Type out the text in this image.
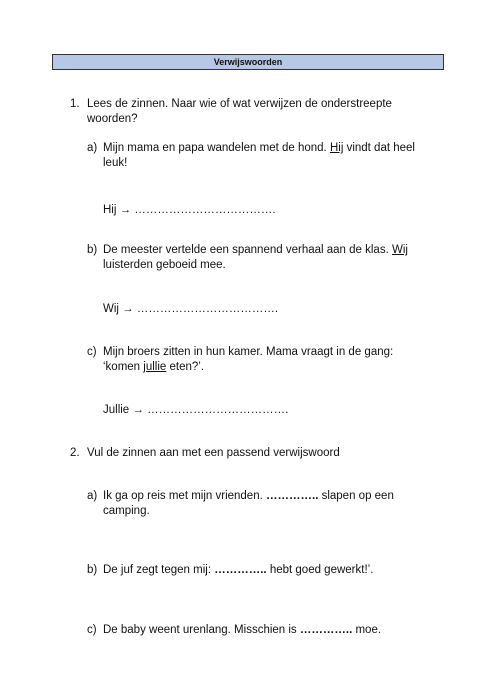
Verwijswoorden
1. Lees de zinnen. Naar wie of wat verwijzen de onderstreepte
woorden?
a) Mijn mama en papa wandelen met de hond. Hij vindt dat heel
leuk!
Hij → ……………………………….
b) De meester vertelde een spannend verhaal aan de klas. Wij
luisterden geboeid mee.
Wij → ……………………………….
c) Mijn broers zitten in hun kamer. Mama vraagt in de gang:
‘komen jullie eten?’.
Jullie → ……………………………….
2. Vul de zinnen aan met een passend verwijswoord
a) Ik ga op reis met mijn vrienden. ………….. slapen op een
camping.
b) De juf zegt tegen mij: ………….. hebt goed gewerkt!’.
c) De baby weent urenlang. Misschien is ………….. moe.
